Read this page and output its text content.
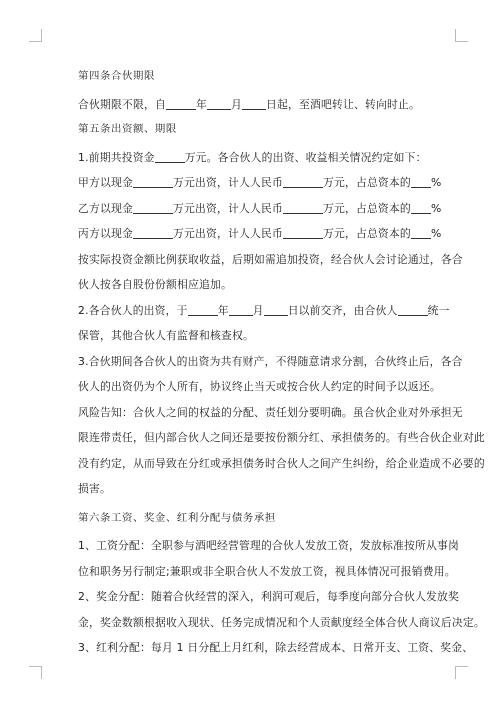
第四条合伙期限
合伙期限不限，自	年 月 日起，至酒吧转让、转向时止。
第五条出资额、期限
1.前期共投资金	万元。各合伙人的出资、收益相关情况约定如下：
甲方以现金	万元出资，计人人民币	万元，占总资本的 %
乙方以现金	万元出资，计人人民币	万元，占总资本的 %
丙方以现金	万元出资，计人人民币	万元，占总资本的 %
按实际投资金额比例获取收益，后期如需追加投资，经合伙人会讨论通过，各合
伙人按各自股份份额相应追加。
2.各合伙人的出资，于	年 月 日以前交齐，由合伙人	统一
保管，其他合伙人有监督和核查权。
3.合伙期间各合伙人的出资为共有财产，不得随意请求分割，合伙终止后，各合
伙人的出资仍为个人所有，协议终止当天或按合伙人约定的时间予以返还。
风险告知：合伙人之间的权益的分配、责任划分要明确。虽合伙企业对外承担无
限连带责任，但内部合伙人之间还是要按份额分红、承担债务的。有些合伙企业对此
没有约定，从而导致在分红或承担债务时合伙人之间产生纠纷，给企业造成不必要的
损害。
第六条工资、奖金、红利分配与债务承担
1、工资分配：全职参与酒吧经营管理的合伙人发放工资，发放标准按所从事岗
位和职务另行制定;兼职或非全职合伙人不发放工资，视具体情况可报销费用。
2、奖金分配：随着合伙经营的深入，利润可观后，每季度向部分合伙人发放奖
金，奖金数额根据收入现状、任务完成情况和个人贡献度经全体合伙人商议后决定。
3、红利分配：每月 1 日分配上月红利，除去经营成本、日常开支、工资、奖金、
